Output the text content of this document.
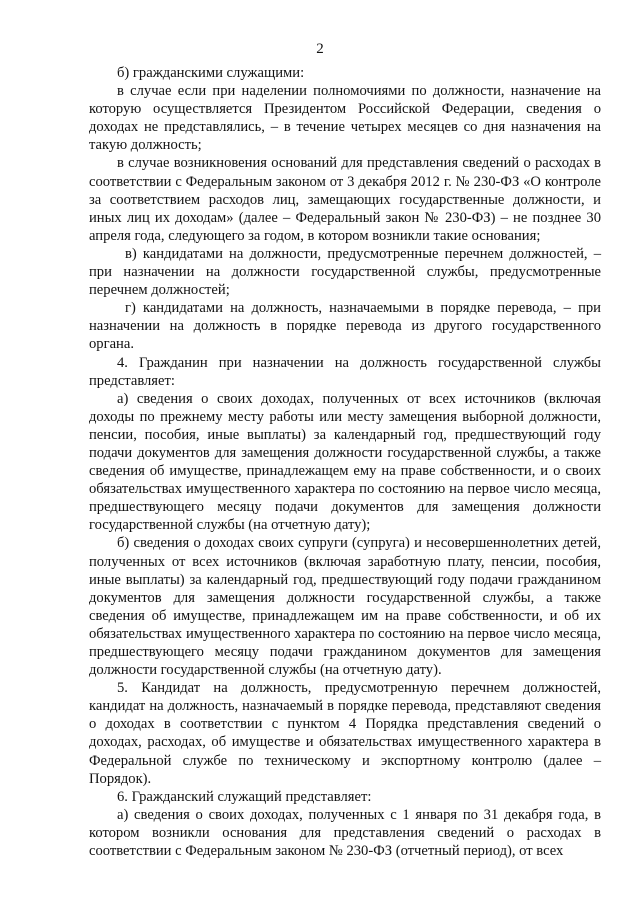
2

б) гражданскими служащими:

в случае если при наделении полномочиями по должности, назначение на которую осуществляется Президентом Российской Федерации, сведения о доходах не представлялись, – в течение четырех месяцев со дня назначения на такую должность;

в случае возникновения оснований для представления сведений о расходах в соответствии с Федеральным законом от 3 декабря 2012 г. № 230-ФЗ «О контроле за соответствием расходов лиц, замещающих государственные должности, и иных лиц их доходам» (далее – Федеральный закон № 230-ФЗ) – не позднее 30 апреля года, следующего за годом, в котором возникли такие основания;

в) кандидатами на должности, предусмотренные перечнем должностей, – при назначении на должности государственной службы, предусмотренные перечнем должностей;

г) кандидатами на должность, назначаемыми в порядке перевода, – при назначении на должность в порядке перевода из другого государственного органа.

4. Гражданин при назначении на должность государственной службы представляет:

а) сведения о своих доходах, полученных от всех источников (включая доходы по прежнему месту работы или месту замещения выборной должности, пенсии, пособия, иные выплаты) за календарный год, предшествующий году подачи документов для замещения должности государственной службы, а также сведения об имуществе, принадлежащем ему на праве собственности, и о своих обязательствах имущественного характера по состоянию на первое число месяца, предшествующего месяцу подачи документов для замещения должности государственной службы (на отчетную дату);

б) сведения о доходах своих супруги (супруга) и несовершеннолетних детей, полученных от всех источников (включая заработную плату, пенсии, пособия, иные выплаты) за календарный год, предшествующий году подачи гражданином документов для замещения должности государственной службы, а также сведения об имуществе, принадлежащем им на праве собственности, и об их обязательствах имущественного характера по состоянию на первое число месяца, предшествующего месяцу подачи гражданином документов для замещения должности государственной службы (на отчетную дату).

5. Кандидат на должность, предусмотренную перечнем должностей, кандидат на должность, назначаемый в порядке перевода, представляют сведения о доходах в соответствии с пунктом 4 Порядка представления сведений о доходах, расходах, об имуществе и обязательствах имущественного характера в Федеральной службе по техническому и экспортному контролю (далее – Порядок).

6. Гражданский служащий представляет:

а) сведения о своих доходах, полученных с 1 января по 31 декабря года, в котором возникли основания для представления сведений о расходах в соответствии с Федеральным законом № 230-ФЗ (отчетный период), от всех
